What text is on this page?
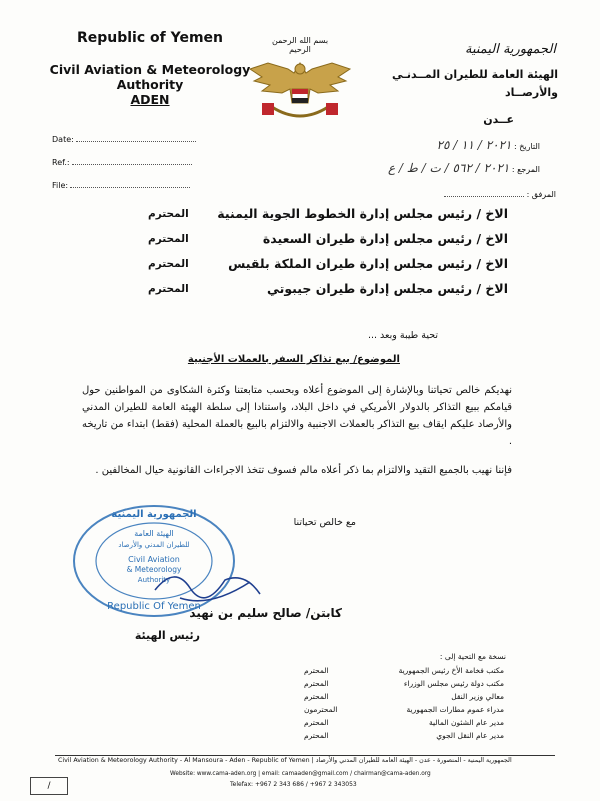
Republic of Yemen
Civil Aviation & Meteorology Authority
ADEN
Date:
Ref.:
File:
بسم الله الرحمن الرحيم	الجمهورية اليمنية
الهيئة العامة للطيران المــدنـي
والأرصــاد
عــدن
التاريخ : ٢٠٢١ / ١١ / ٢٥
المرجع : ٢٠٢١ / ٥٦٢ / ت / ط / ع
المرفق :
الاخ / رئيس مجلس إدارة الخطوط الجوية اليمنية
المحترم
الاخ / رئيس مجلس إدارة طيران السعيدة
المحترم
الاخ / رئيس مجلس إدارة طيران الملكة بلقيس
المحترم
الاخ / رئيس مجلس إدارة طيران جيبوتي
المحترم
تحية طيبة وبعد ...
الموضوع/ بيع تذاكر السفر بالعملات الأجنبية
نهديكم خالص تحياتنا وبالإشارة إلى الموضوع أعلاه وبحسب متابعتنا وكثرة الشكاوى من المواطنين حول قيامكم ببيع التذاكر بالدولار الأمريكي في داخل البلاد، واستنادا إلى سلطة الهيئة العامة للطيران المدني والأرصاد عليكم ايقاف بيع التذاكر بالعملات الاجنبية والالتزام بالبيع بالعملة المحلية (فقط) ابتداء من تاريخه .
فإننا نهيب بالجميع التقيد والالتزام بما ذكر أعلاه مالم فسوف تتخذ الاجراءات القانونية حيال المخالفين .
مع خالص تحياتنا
الجمهورية اليمنية
الهيئة العامة
للطيران المدني والأرصاد
Civil Aviation
& Meteorology
Authority
Republic Of Yemen
كابتن/ صالح سليم بن نهيد
رئيس الهيئة
نسخة مع التحية إلى :
مكتب فخامة الأخ رئيس الجمهورية
المحترم
مكتب دولة رئيس مجلس الوزراء
المحترم
معالي وزير النقل
المحترم
مدراء عموم مطارات الجمهورية
المحترمون
مدير عام الشئون المالية
المحترم
مدير عام النقل الجوي
المحترم
Civil Aviation & Meteorology Authority - Al Mansoura - Aden - Republic of Yemen | الجمهورية اليمنية - المنصورة - عدن - الهيئة العامة للطيران المدني والأرصاد
Website: www.cama-aden.org | email: camaaden@gmail.com / chairman@cama-aden.org
Telefax: +967 2 343 686 / +967 2 343053
/
